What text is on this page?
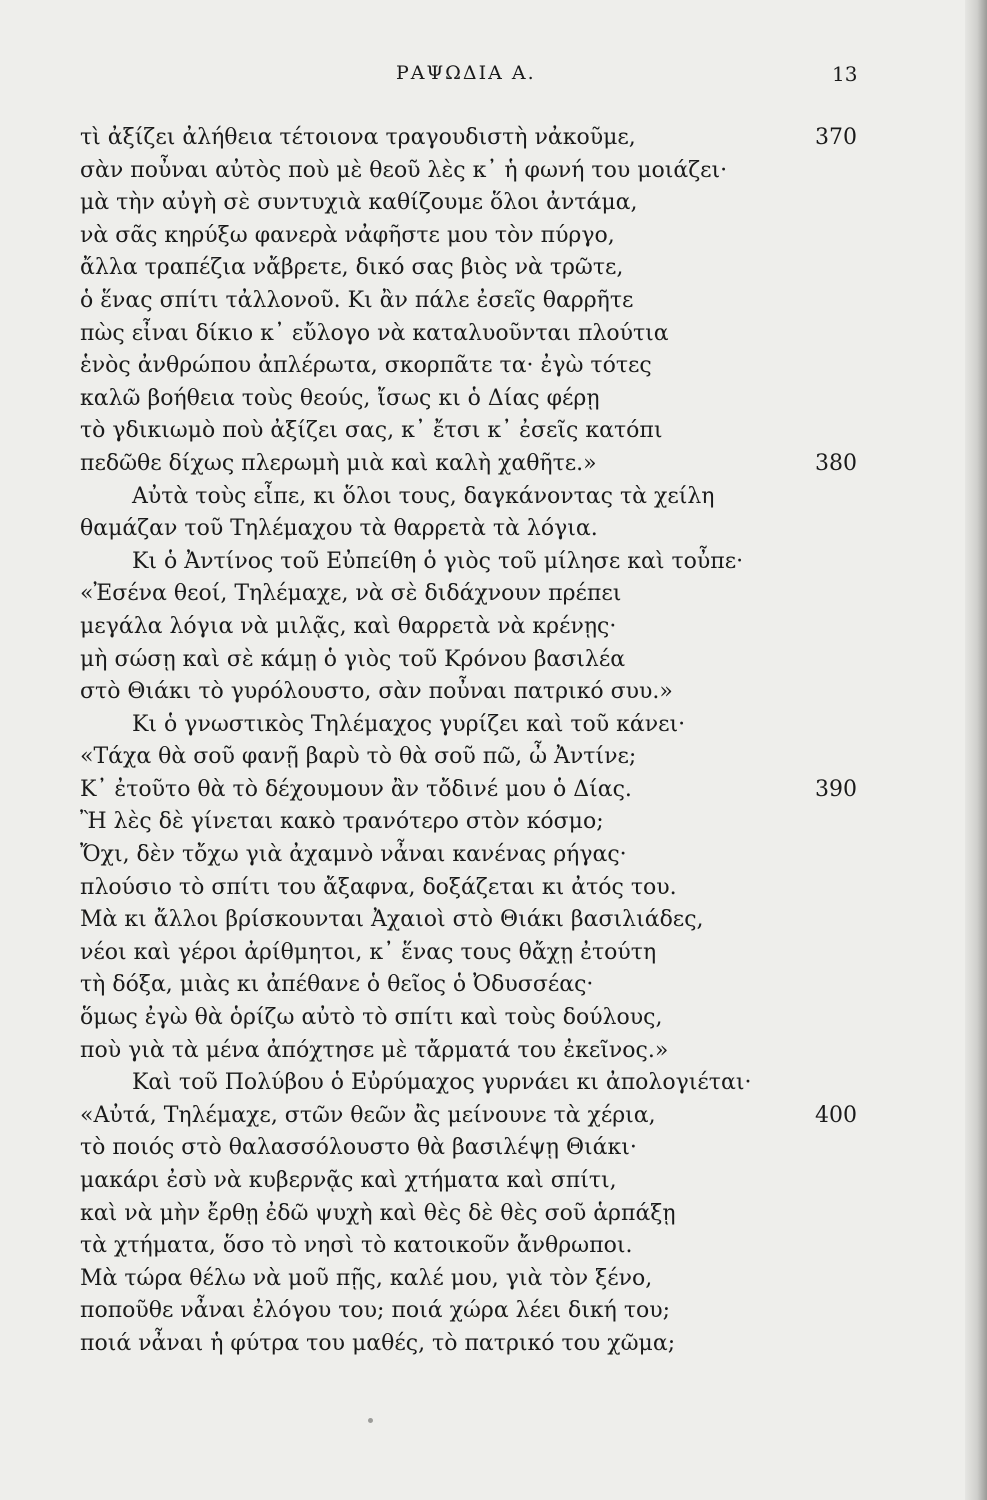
ΡΑΨΩΔΙΑ Α.	13
τὶ ἀξίζει ἀλήθεια τέτοιονα τραγουδιστὴ νἀκοῦμε,	370
σὰν ποὖναι αὐτὸς ποὺ μὲ θεοῦ λὲς κ᾽ ἡ φωνή του μοιάζει·
μὰ τὴν αὐγὴ σὲ συντυχιὰ καθίζουμε ὅλοι ἀντάμα,
νὰ σᾶς κηρύξω φανερὰ νἀφῆστε μου τὸν πύργο,
ἄλλα τραπέζια νἄβρετε, δικό σας βιὸς νὰ τρῶτε,
ὁ ἕνας σπίτι τἀλλονοῦ. Κι ἂν πάλε ἐσεῖς θαρρῆτε
πὼς εἶναι δίκιο κ᾽ εὔλογο νὰ καταλυοῦνται πλούτια
ἑνὸς ἀνθρώπου ἀπλέρωτα, σκορπᾶτε τα· ἐγὼ τότες
καλῶ βοήθεια τοὺς θεούς, ἴσως κι ὁ Δίας φέρῃ
τὸ γδικιωμὸ ποὺ ἀξίζει σας, κ᾽ ἔτσι κ᾽ ἐσεῖς κατόπι
πεδῶθε δίχως πλερωμὴ μιὰ καὶ καλὴ χαθῆτε.»	380
Αὐτὰ τοὺς εἶπε, κι ὅλοι τους, δαγκάνοντας τὰ χείλη
θαμάζαν τοῦ Τηλέμαχου τὰ θαρρετὰ τὰ λόγια.
Κι ὁ Ἀντίνος τοῦ Εὐπείθη ὁ γιὸς τοῦ μίλησε καὶ τοὖπε·
«Ἐσένα θεοί, Τηλέμαχε, νὰ σὲ διδάχνουν πρέπει
μεγάλα λόγια νὰ μιλᾷς, καὶ θαρρετὰ νὰ κρένῃς·
μὴ σώσῃ καὶ σὲ κάμῃ ὁ γιὸς τοῦ Κρόνου βασιλέα
στὸ Θιάκι τὸ γυρόλουστο, σὰν ποὖναι πατρικό συυ.»
Κι ὁ γνωστικὸς Τηλέμαχος γυρίζει καὶ τοῦ κάνει·
«Τάχα θὰ σοῦ φανῇ βαρὺ τὸ θὰ σοῦ πῶ, ὦ Ἀντίνε;
Κ᾽ ἐτοῦτο θὰ τὸ δέχουμουν ἂν τὄδινέ μου ὁ Δίας.	390
Ἢ λὲς δὲ γίνεται κακὸ τρανότερο στὸν κόσμο;
Ὄχι, δὲν τὄχω γιὰ ἀχαμνὸ νἆναι κανένας ρήγας·
πλούσιο τὸ σπίτι του ἄξαφνα, δοξάζεται κι ἀτός του.
Μὰ κι ἄλλοι βρίσκουνται Ἀχαιοὶ στὸ Θιάκι βασιλιάδες,
νέοι καὶ γέροι ἀρίθμητοι, κ᾽ ἕνας τους θἄχῃ ἐτούτη
τὴ δόξα, μιὰς κι ἀπέθανε ὁ θεῖος ὁ Ὀδυσσέας·
ὅμως ἐγὼ θὰ ὁρίζω αὐτὸ τὸ σπίτι καὶ τοὺς δούλους,
ποὺ γιὰ τὰ μένα ἀπόχτησε μὲ τἄρματά του ἐκεῖνος.»
Καὶ τοῦ Πολύβου ὁ Εὐρύμαχος γυρνάει κι ἀπολογιέται·
«Αὐτά, Τηλέμαχε, στῶν θεῶν ἂς μείνουνε τὰ χέρια,	400
τὸ ποιός στὸ θαλασσόλουστο θὰ βασιλέψῃ Θιάκι·
μακάρι ἐσὺ νὰ κυβερνᾷς καὶ χτήματα καὶ σπίτι,
καὶ νὰ μὴν ἔρθῃ ἐδῶ ψυχὴ καὶ θὲς δὲ θὲς σοῦ ἁρπάξῃ
τὰ χτήματα, ὅσο τὸ νησὶ τὸ κατοικοῦν ἄνθρωποι.
Μὰ τώρα θέλω νὰ μοῦ πῇς, καλέ μου, γιὰ τὸν ξένο,
ποποῦθε νἆναι ἐλόγου του; ποιά χώρα λέει δική του;
ποιά νἆναι ἡ φύτρα του μαθές, τὸ πατρικό του χῶμα;
